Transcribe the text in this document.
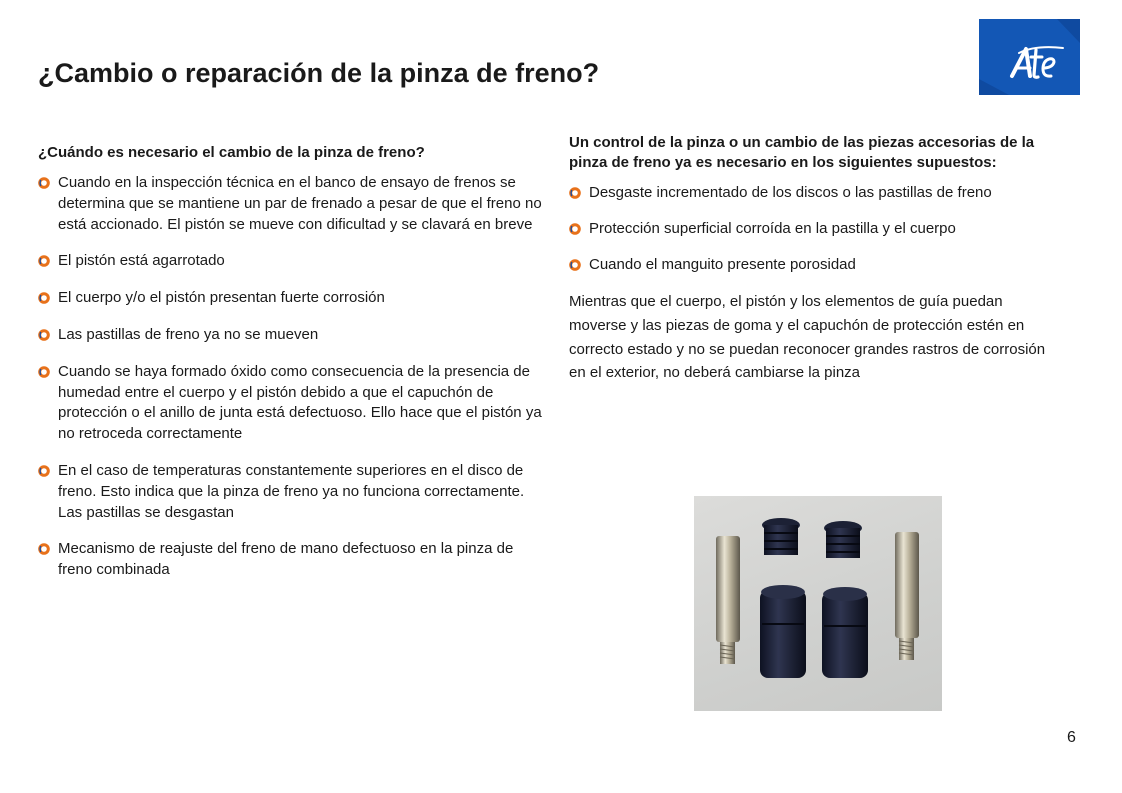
¿Cambio o reparación de la pinza de freno?
¿Cuándo es necesario el cambio de la pinza de freno?
Cuando en la inspección técnica en el banco de ensayo de frenos se determina que se mantiene un par de frenado a pesar de que el freno no está accionado. El pistón se mueve con dificultad y se clavará en breve
El pistón está agarrotado
El cuerpo y/o el pistón presentan fuerte corrosión
Las pastillas de freno ya no se mueven
Cuando se haya formado óxido como consecuencia de la presencia de humedad entre el cuerpo y el pistón debido a que el capuchón de protección o el anillo de junta está defectuoso. Ello hace que el pistón ya no retroceda correctamente
En el caso de temperaturas constantemente superiores en el disco de freno. Esto indica que la pinza de freno ya no funciona correctamente. Las pastillas se desgastan
Mecanismo de reajuste del freno de mano defectuoso en la pinza de freno combinada
Un control de la pinza o un cambio de las piezas accesorias de la pinza de freno ya es necesario en los siguientes supuestos:
Desgaste incrementado de los discos o las pastillas de freno
Protección superficial corroída en la pastilla y el cuerpo
Cuando el manguito presente porosidad

Mientras que el cuerpo, el pistón y los elementos de guía puedan moverse y las piezas de goma y el capuchón de protección estén en correcto estado y no se puedan reconocer grandes rastros de corrosión en el exterior, no deberá cambiarse la pinza

6
